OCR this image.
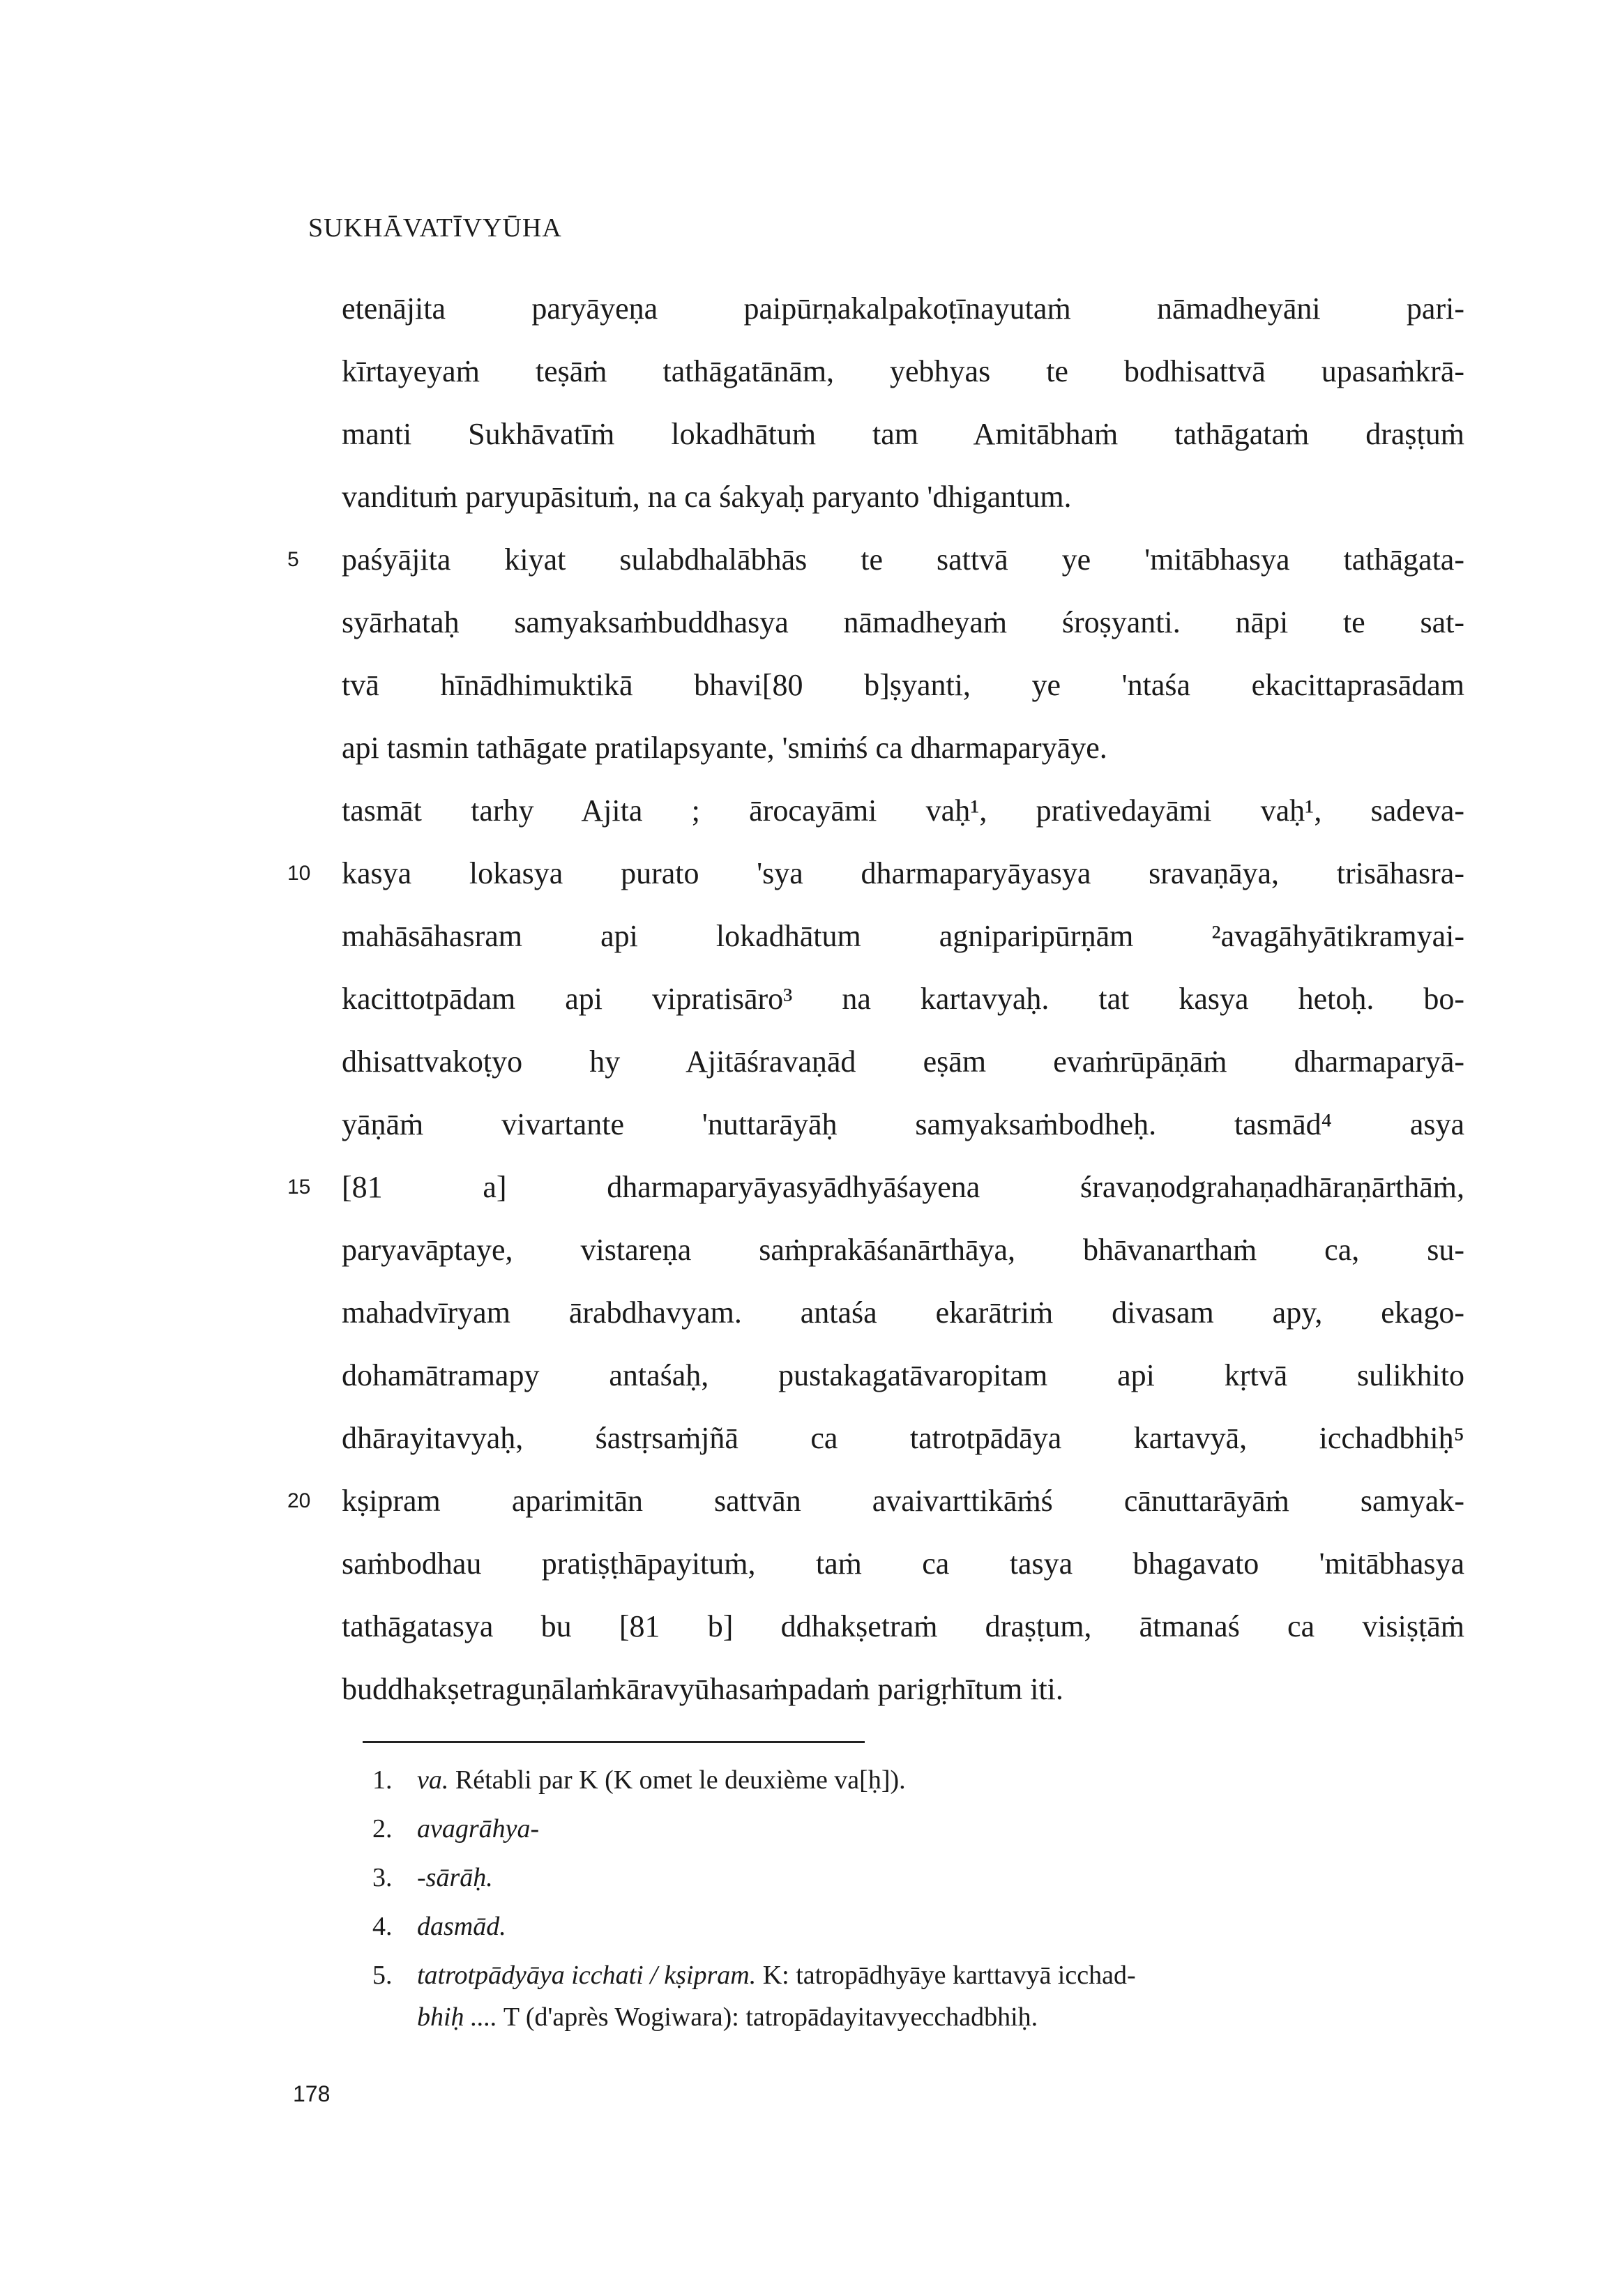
SUKHĀVATĪVYŪHA
etenājita paryāyeṇa paipūrṇakalpakoṭīnayutaṁ nāmadheyāni pari-
kīrtayeyaṁ teṣāṁ tathāgatānām, yebhyas te bodhisattvā upasaṁkrā-
manti Sukhāvatīṁ lokadhātuṁ tam Amitābhaṁ tathāgataṁ draṣṭuṁ
vandituṁ paryupāsituṁ, na ca śakyaḥ paryanto 'dhigantum.
5	paśyājita kiyat sulabdhalābhās te sattvā ye 'mitābhasya tathāgata-
syārhataḥ samyaksaṁbuddhasya nāmadheyaṁ śroṣyanti. nāpi te sat-
tvā hīnādhimuktikā bhavi[80 b]ṣyanti, ye 'ntaśa ekacittaprasādam
api tasmin tathāgate pratilapsyante, 'smiṁś ca dharmaparyāye.
tasmāt tarhy Ajita ; ārocayāmi vaḥ¹, prativedayāmi vaḥ¹, sadeva-
10	kasya lokasya purato 'sya dharmaparyāyasya sravaṇāya, trisāhasra-
mahāsāhasram api lokadhātum agniparipūrṇām ²avagāhyātikramyai-
kacittotpādam api vipratisāro³ na kartavyaḥ. tat kasya hetoḥ. bo-
dhisattvakoṭyo hy Ajitāśravaṇād eṣām evaṁrūpāṇāṁ dharmaparyā-
yāṇāṁ vivartante 'nuttarāyāḥ samyaksaṁbodheḥ. tasmād⁴ asya
15	[81 a] dharmaparyāyasyādhyāśayena śravaṇodgrahaṇadhāraṇārthāṁ,
paryavāptaye, vistareṇa saṁprakāśanārthāya, bhāvanarthaṁ ca, su-
mahadvīryam ārabdhavyam. antaśa ekarātriṁ divasam apy, ekago-
dohamātramapy antaśaḥ, pustakagatāvaropitam api kṛtvā sulikhito
dhārayitavyaḥ, śastṛsaṁjñā ca tatrotpādāya kartavyā, icchadbhiḥ⁵
20	kṣipram aparimitān sattvān avaivarttikāṁś cānuttarāyāṁ samyak-
saṁbodhau pratiṣṭhāpayituṁ, taṁ ca tasya bhagavato 'mitābhasya
tathāgatasya bu [81 b] ddhakṣetraṁ draṣṭum, ātmanaś ca visiṣṭāṁ
buddhakṣetraguṇālaṁkāravyūhasaṁpadaṁ parigṛhītum iti.
1. va. Rétabli par K (K omet le deuxième va[ḥ]).
2. avagrāhya-
3. -sārāḥ.
4. dasmād.
5. tatrotpādyāya icchati / kṣipram. K: tatropādhyāye karttavyā icchad-
bhiḥ .... T (d'après Wogiwara): tatropādayitavyecchadbhiḥ.
178
